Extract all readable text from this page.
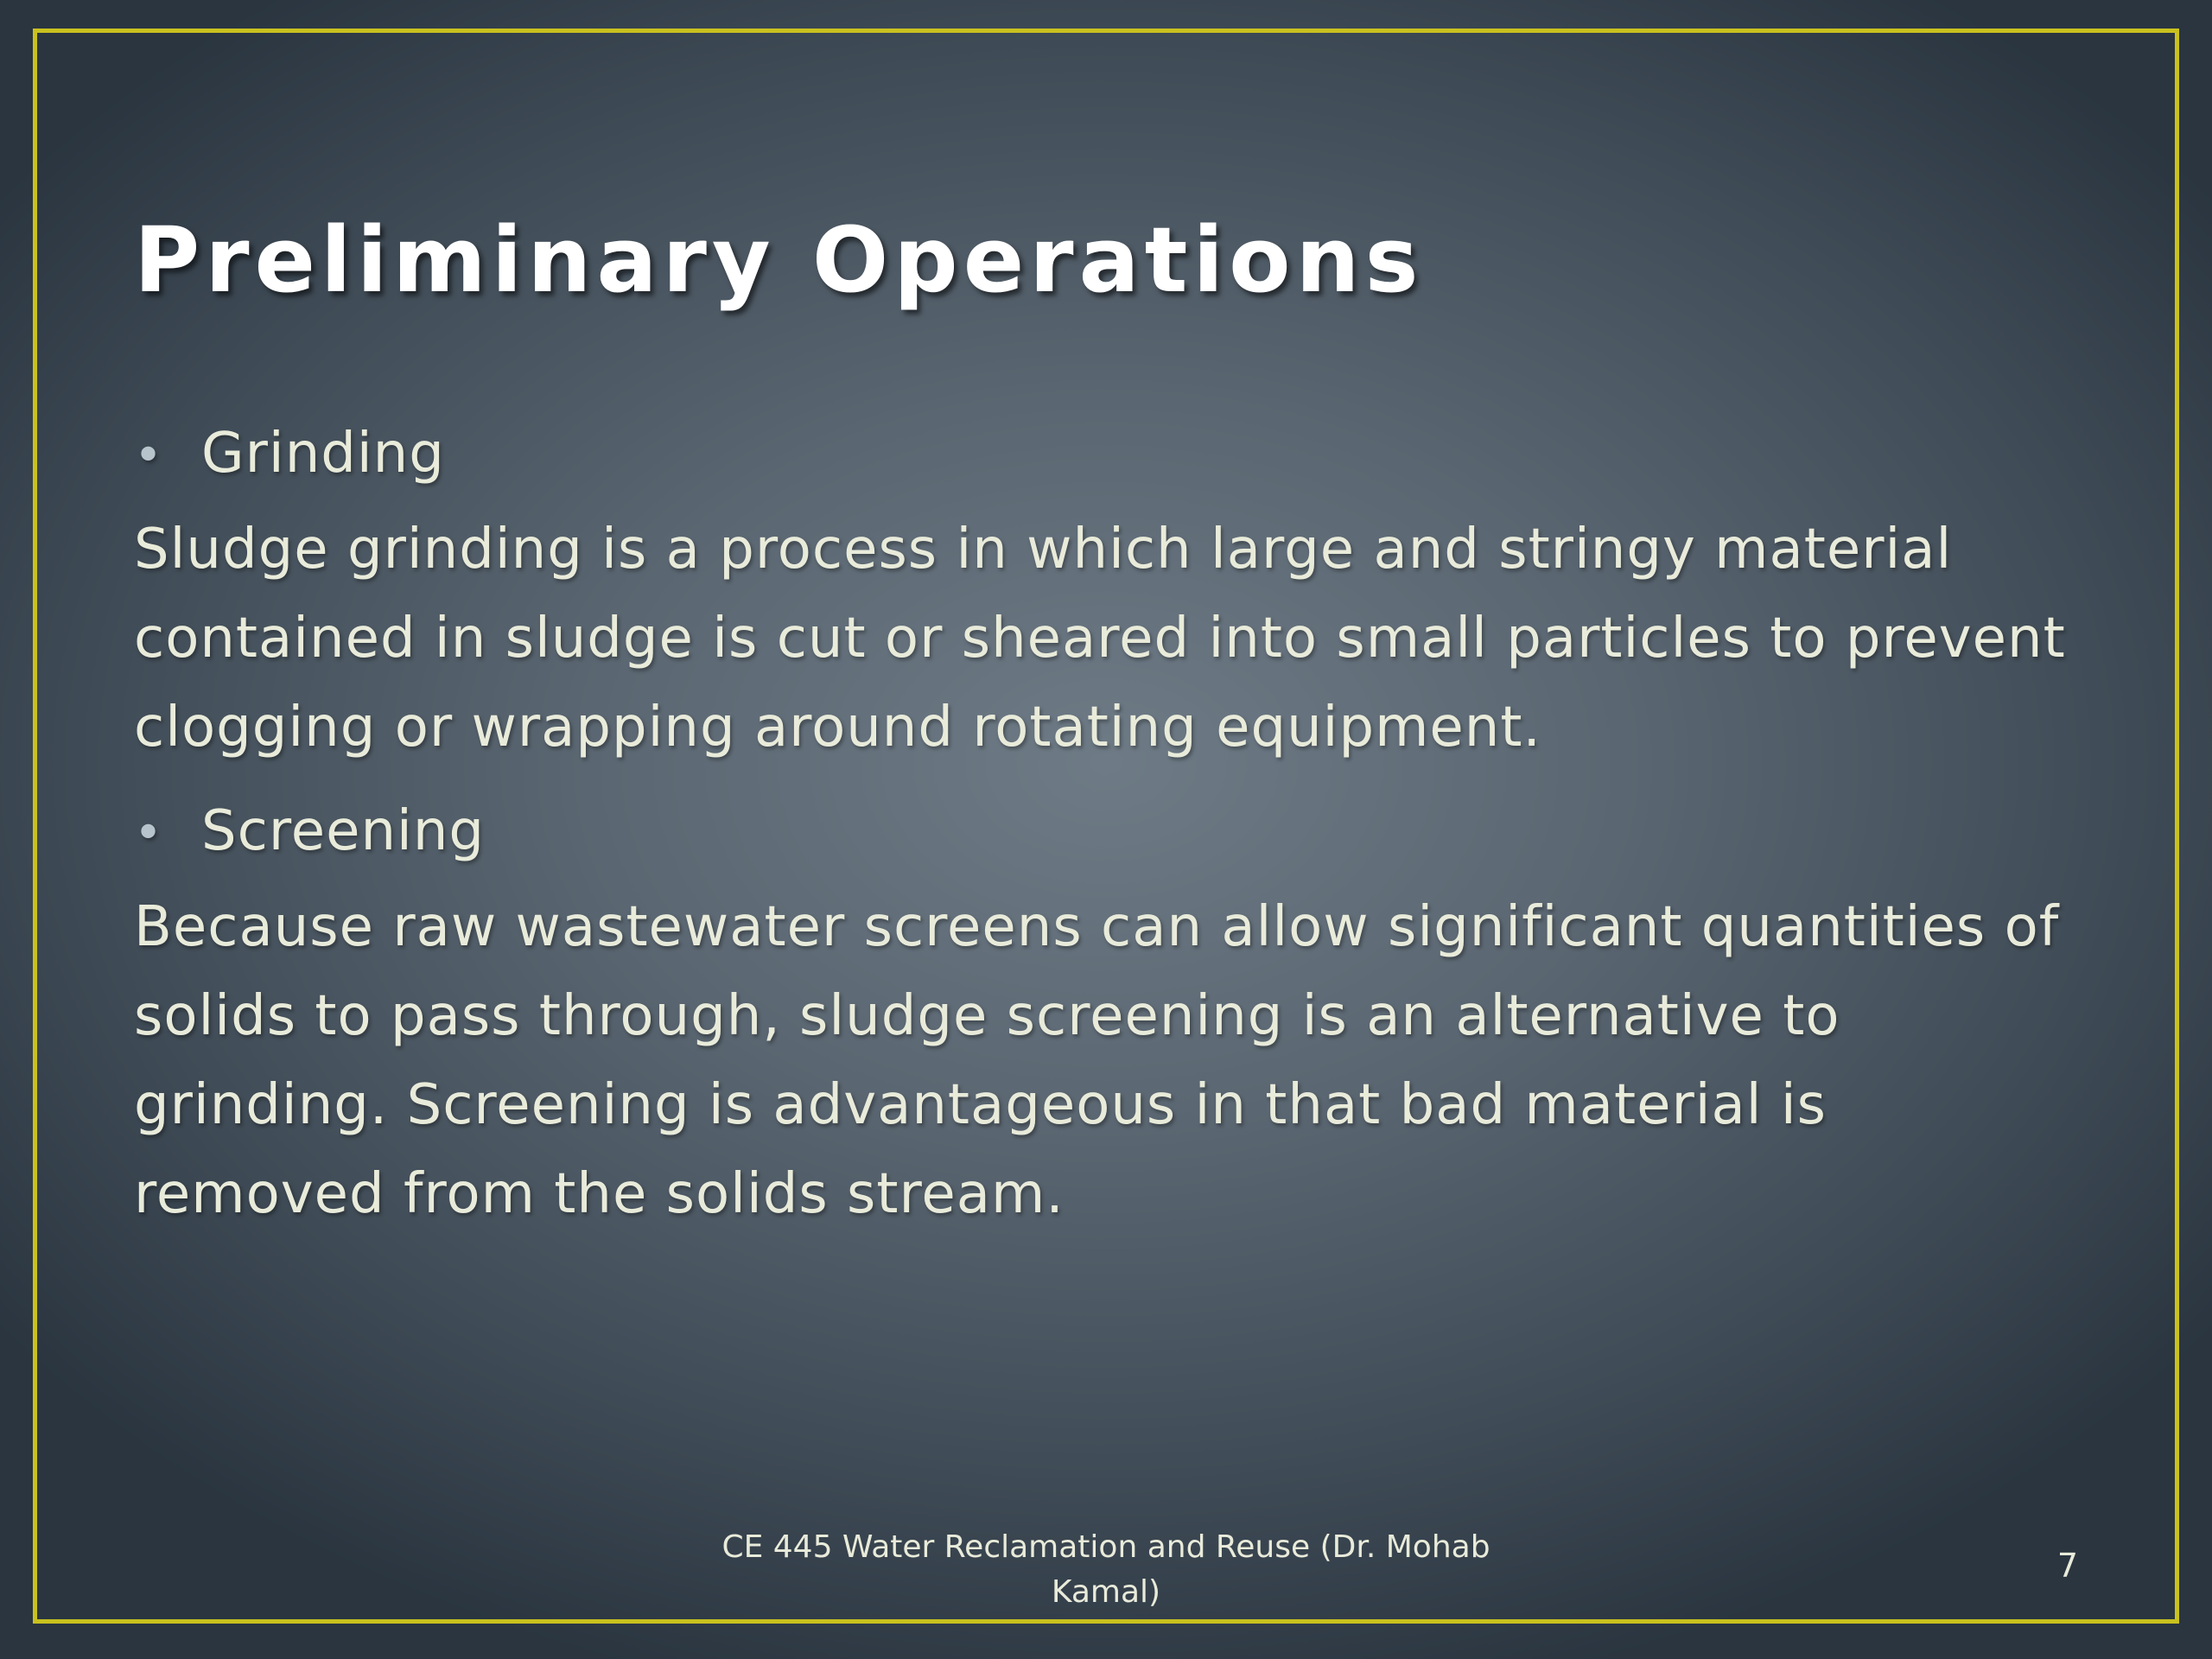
Preliminary Operations
• Grinding

Sludge grinding is a process in which large and stringy material contained in sludge is cut or sheared into small particles to prevent clogging or wrapping around rotating equipment.

• Screening

Because raw wastewater screens can allow significant quantities of solids to pass through, sludge screening is an alternative to grinding. Screening is advantageous in that bad material is removed from the solids stream.

CE 445 Water Reclamation and Reuse (Dr. Mohab Kamal)
7
